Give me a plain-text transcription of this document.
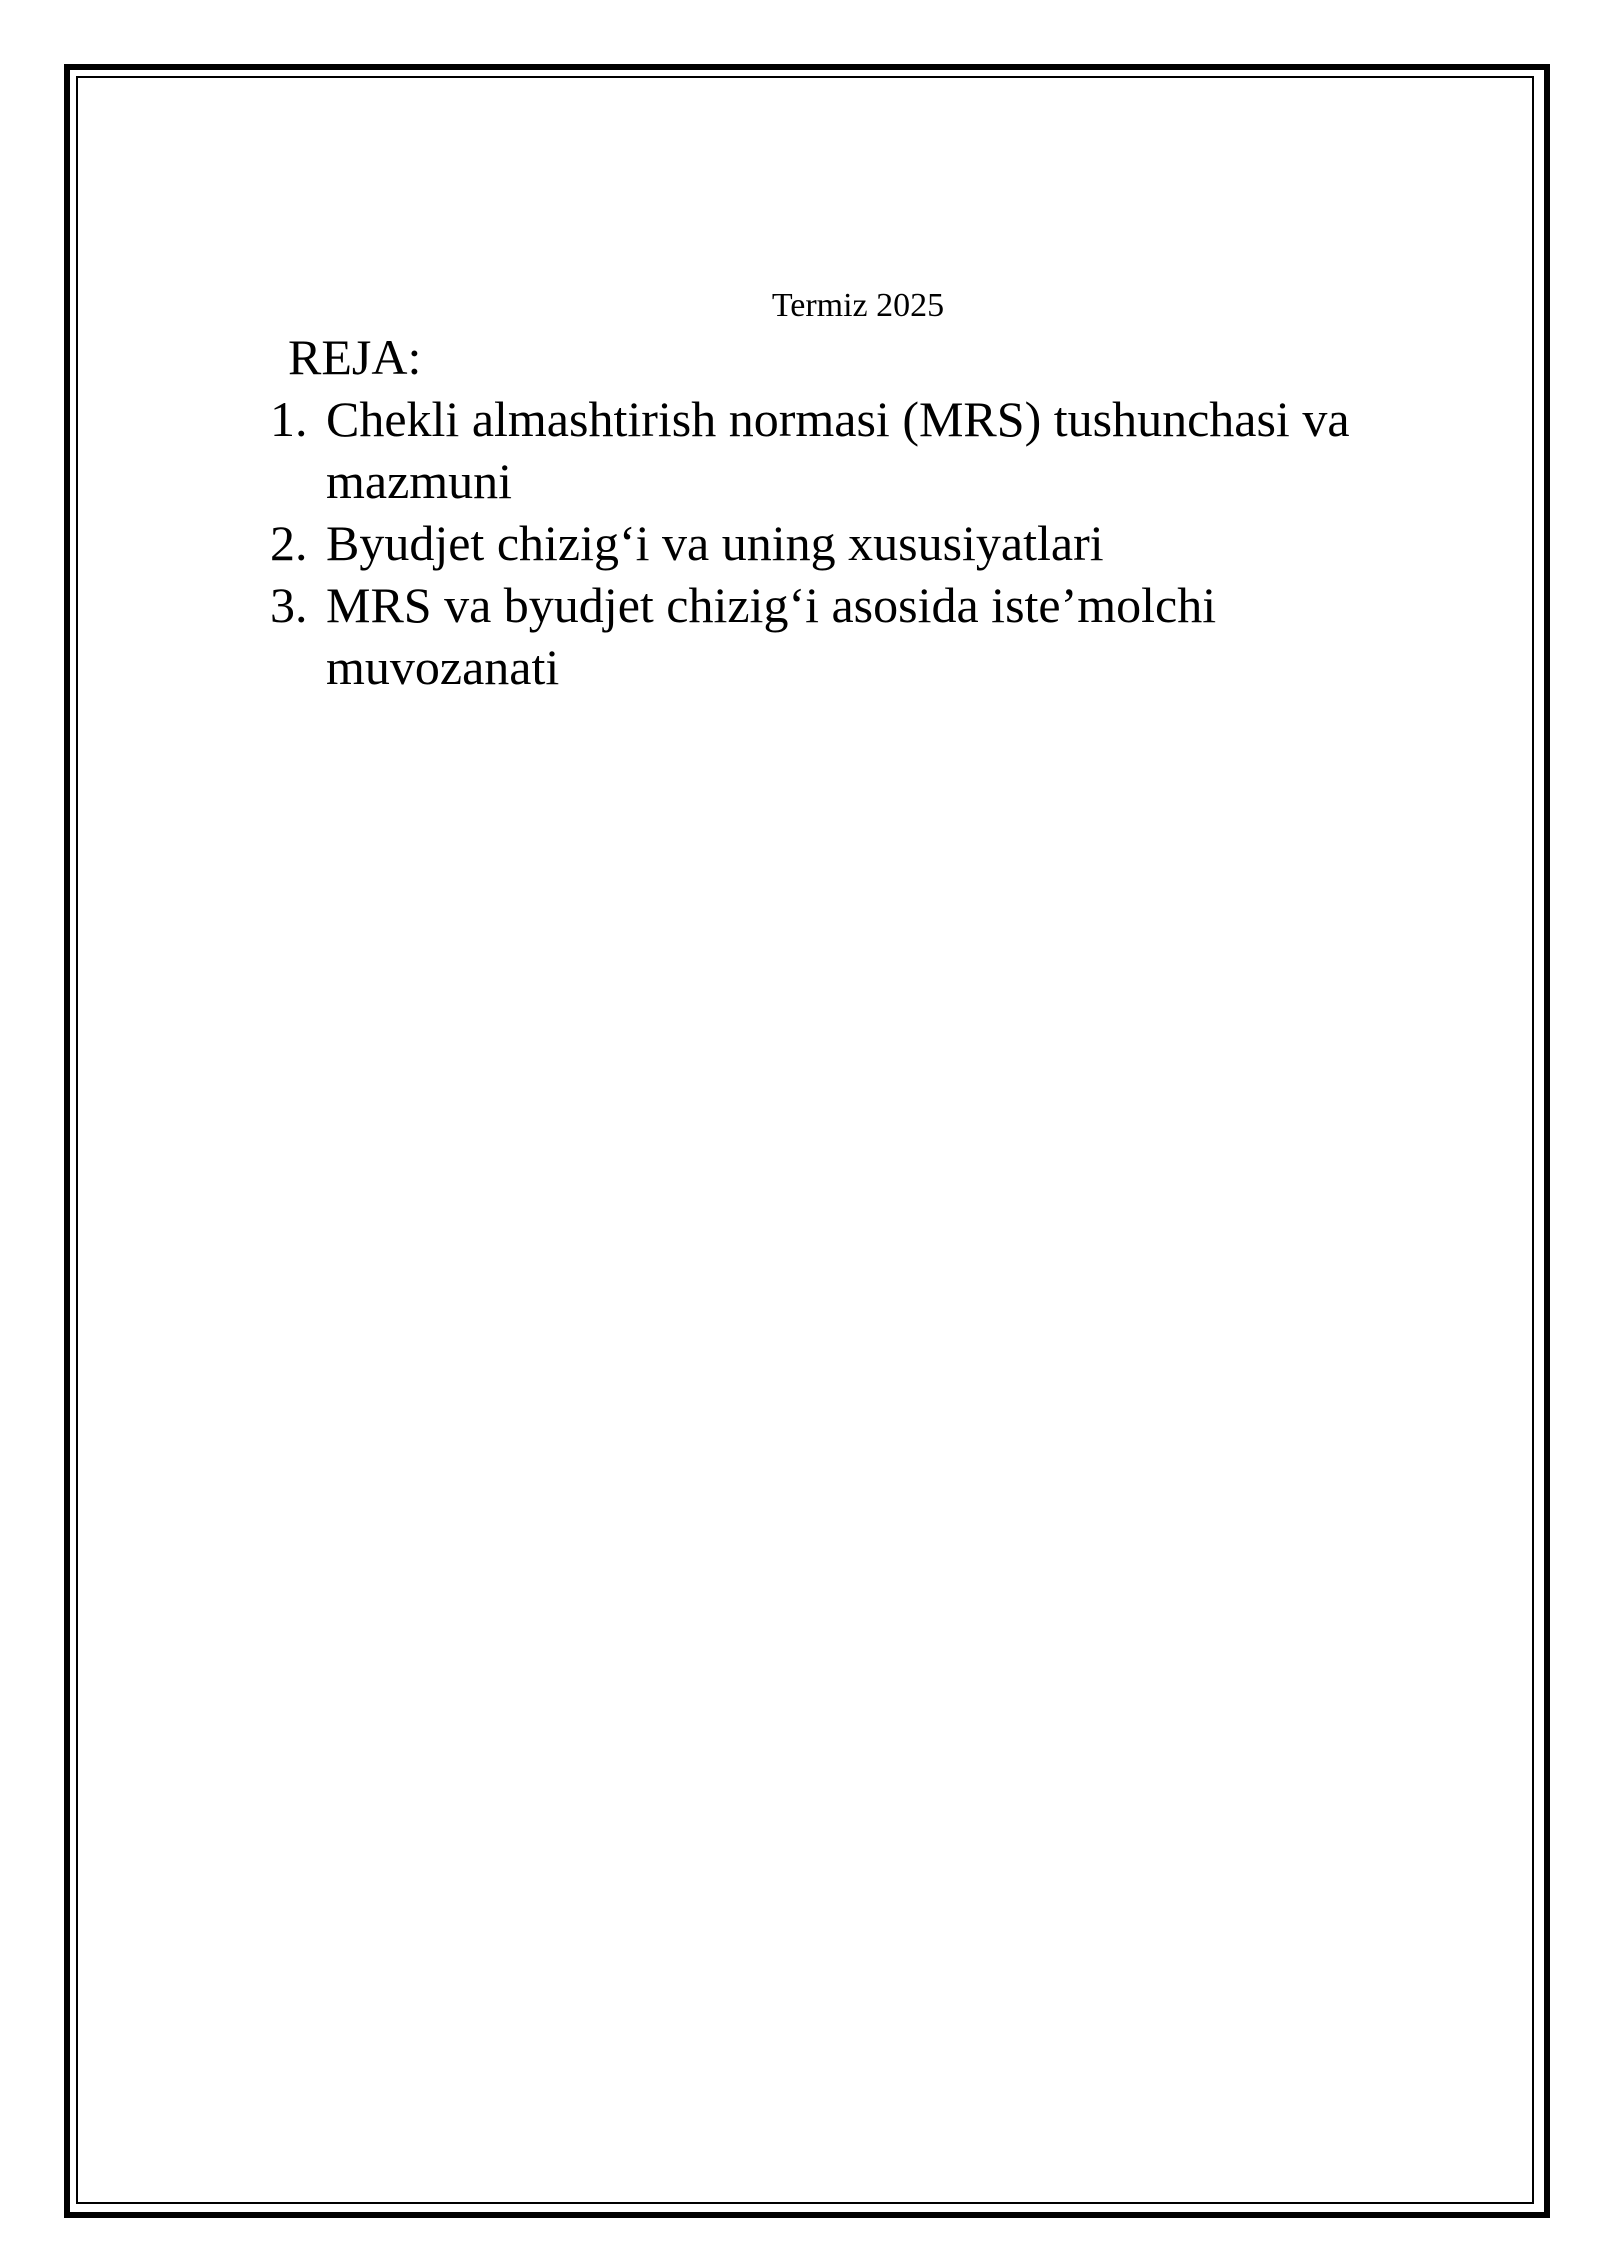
Termiz 2025

REJA:
1. Chekli almashtirish normasi (MRS) tushunchasi va mazmuni
2. Byudjet chizig‘i va uning xususiyatlari
3. MRS va byudjet chizig‘i asosida iste’molchi muvozanati
